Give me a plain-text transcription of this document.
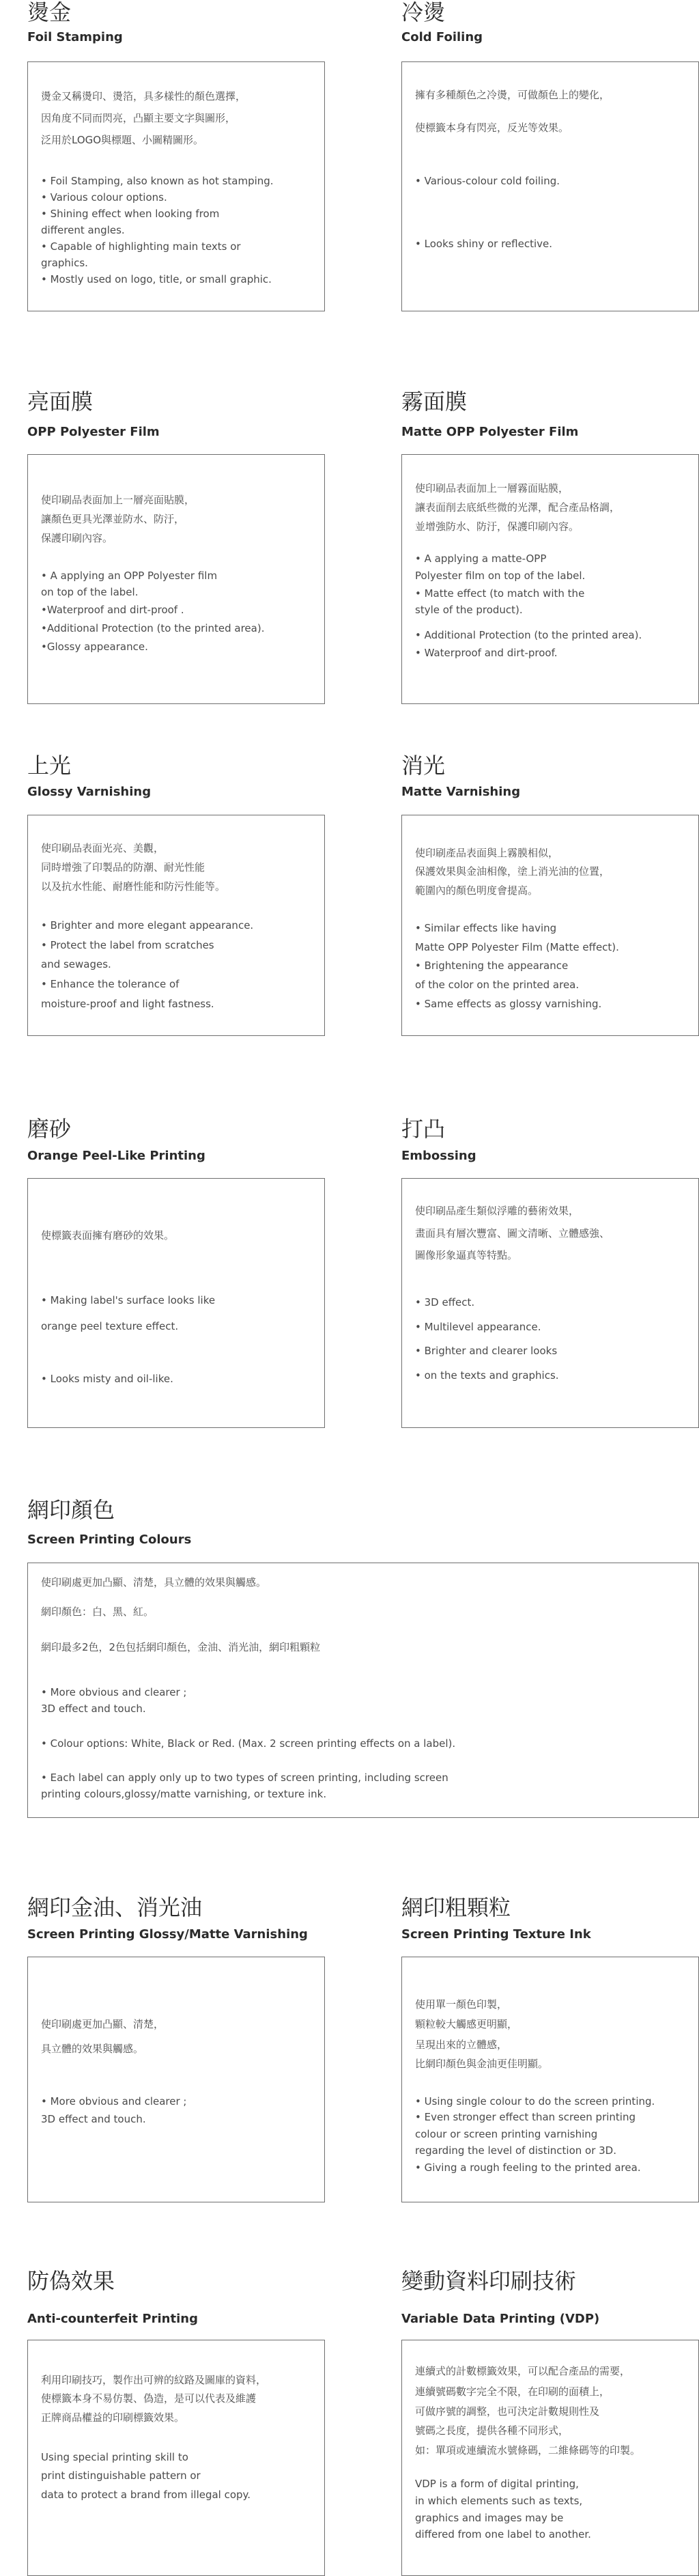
燙金
Foil Stamping
燙金又稱燙印、燙箔，具多樣性的顏色選擇，
因角度不同而閃亮，凸顯主要文字與圖形，
泛用於LOGO與標題、小圖精圖形。
• Foil Stamping, also known as hot stamping.
• Various colour options.
• Shining effect when looking from
different angles.
• Capable of highlighting main texts or
graphics.
• Mostly used on logo, title, or small graphic.
冷燙
Cold Foiling
擁有多種顏色之冷燙，可做顏色上的變化，
使標籤本身有閃亮，反光等效果。
• Various-colour cold foiling.
• Looks shiny or reflective.
亮面膜
OPP Polyester Film
使印刷品表面加上一層亮面貼膜，
讓顏色更具光澤並防水、防汙，
保護印刷內容。
• A applying an OPP Polyester film
on top of the label.
•Waterproof and dirt-proof .
•Additional Protection (to the printed area).
•Glossy appearance.
霧面膜
Matte OPP Polyester Film
使印刷品表面加上一層霧面貼膜，
讓表面削去底紙些微的光澤，配合產品格調，
並增強防水、防汙，保護印刷內容。
• A applying a matte-OPP
Polyester film on top of the label.
• Matte effect (to match with the
style of the product).
• Additional Protection (to the printed area).
• Waterproof and dirt-proof.
上光
Glossy Varnishing
使印刷品表面光亮、美觀，
同時增強了印製品的防潮、耐光性能
以及抗水性能、耐磨性能和防污性能等。
• Brighter and more elegant appearance.
• Protect the label from scratches
and sewages.
• Enhance the tolerance of
moisture-proof and light fastness.
消光
Matte Varnishing
使印刷產品表面與上霧膜相似，
保護效果與金油相像，塗上消光油的位置，
範圍內的顏色明度會提高。
• Similar effects like having
Matte OPP Polyester Film (Matte effect).
• Brightening the appearance
of the color on the printed area.
• Same effects as glossy varnishing.
磨砂
Orange Peel-Like Printing
使標籤表面擁有磨砂的效果。
• Making label's surface looks like
orange peel texture effect.
• Looks misty and oil-like.
打凸
Embossing
使印刷品產生類似浮雕的藝術效果，
畫面具有層次豐富、圖文清晰、立體感強、
圖像形象逼真等特點。
• 3D effect.
• Multilevel appearance.
• Brighter and clearer looks
• on the texts and graphics.
網印顏色
Screen Printing Colours
使印刷處更加凸顯、清楚，具立體的效果與觸感。
網印顏色：白、黑、紅。
網印最多2色，2色包括網印顏色，金油、消光油，網印粗顆粒
• More obvious and clearer ;
3D effect and touch.
• Colour options: White, Black or Red. (Max. 2 screen printing effects on a label).
• Each label can apply only up to two types of screen printing, including screen
printing colours,glossy/matte varnishing, or texture ink.
網印金油、消光油
Screen Printing Glossy/Matte Varnishing
使印刷處更加凸顯、清楚，
具立體的效果與觸感。
• More obvious and clearer ;
3D effect and touch.
網印粗顆粒
Screen Printing Texture Ink
使用單一顏色印製，
顆粒較大觸感更明顯，
呈現出來的立體感，
比網印顏色與金油更佳明顯。
• Using single colour to do the screen printing.
• Even stronger effect than screen printing
colour or screen printing varnishing
regarding the level of distinction or 3D.
• Giving a rough feeling to the printed area.
防偽效果
Anti-counterfeit Printing
利用印刷技巧，製作出可辨的紋路及圖庫的資料，
使標籤本身不易仿製、偽造，是可以代表及維護
正牌商品權益的印刷標籤效果。
Using special printing skill to
print distinguishable pattern or
data to protect a brand from illegal copy.
變動資料印刷技術
Variable Data Printing (VDP)
連續式的計數標籤效果，可以配合產品的需要，
連續號碼數字完全不限，在印刷的面積上，
可做序號的調整，也可決定計數規則性及
號碼之長度，提供各種不同形式，
如：單項或連續流水號條碼，二維條碼等的印製。
VDP is a form of digital printing,
in which elements such as texts,
graphics and images may be
differed from one label to another.
